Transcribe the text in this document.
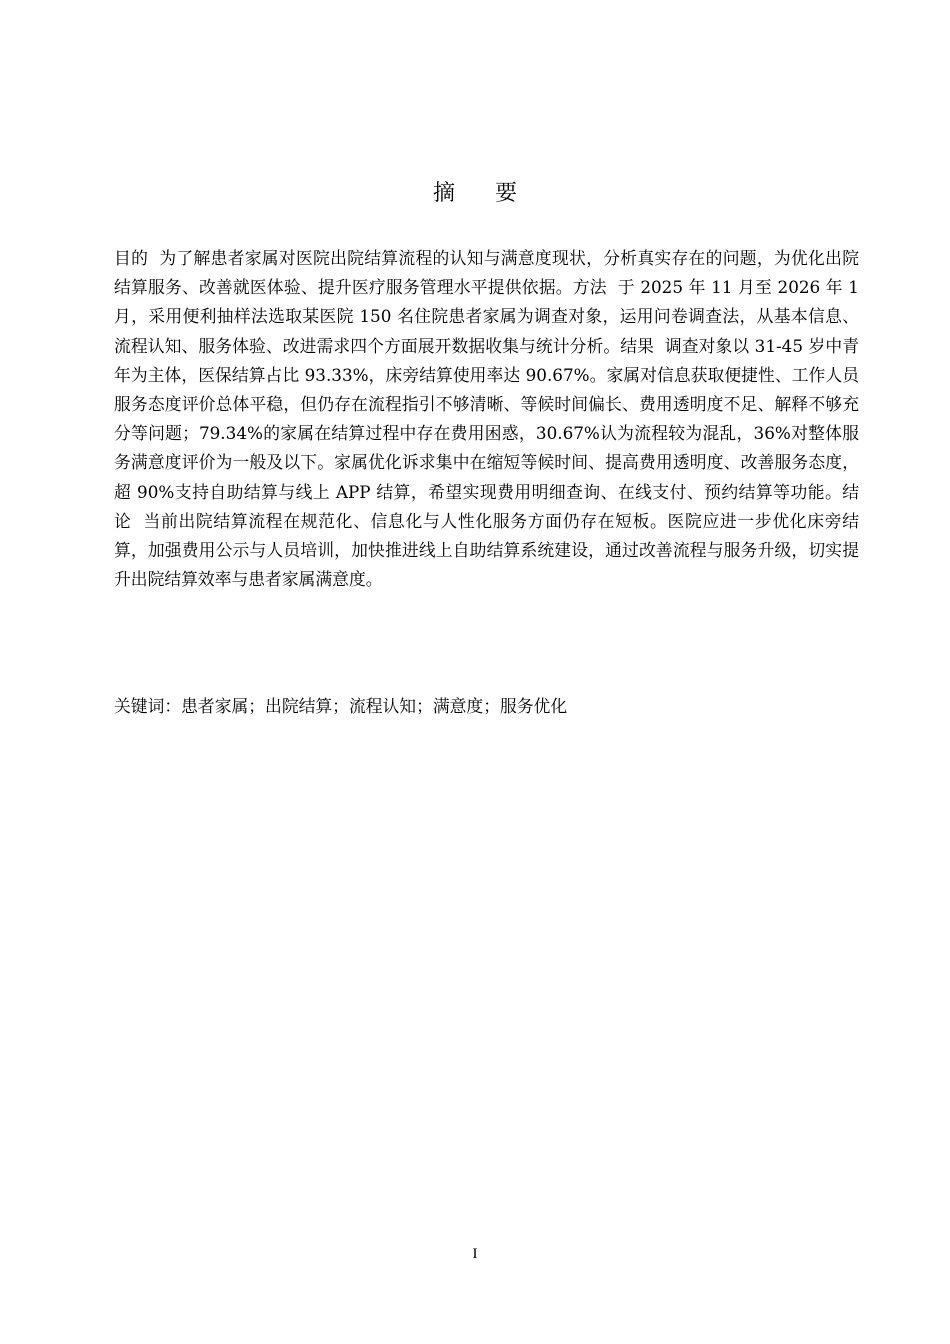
摘 要
目的 为了解患者家属对医院出院结算流程的认知与满意度现状，分析真实存在的问题，为优化出院结算服务、改善就医体验、提升医疗服务管理水平提供依据。方法 于 2025 年 11 月至 2026 年 1 月，采用便利抽样法选取某医院 150 名住院患者家属为调查对象，运用问卷调查法，从基本信息、流程认知、服务体验、改进需求四个方面展开数据收集与统计分析。结果 调查对象以 31-45 岁中青年为主体，医保结算占比 93.33%，床旁结算使用率达 90.67%。家属对信息获取便捷性、工作人员服务态度评价总体平稳，但仍存在流程指引不够清晰、等候时间偏长、费用透明度不足、解释不够充分等问题；79.34%的家属在结算过程中存在费用困惑，30.67%认为流程较为混乱，36%对整体服务满意度评价为一般及以下。家属优化诉求集中在缩短等候时间、提高费用透明度、改善服务态度，超 90%支持自助结算与线上 APP 结算，希望实现费用明细查询、在线支付、预约结算等功能。结论 当前出院结算流程在规范化、信息化与人性化服务方面仍存在短板。医院应进一步优化床旁结算，加强费用公示与人员培训，加快推进线上自助结算系统建设，通过改善流程与服务升级，切实提升出院结算效率与患者家属满意度。
关键词：患者家属；出院结算；流程认知；满意度；服务优化
I
